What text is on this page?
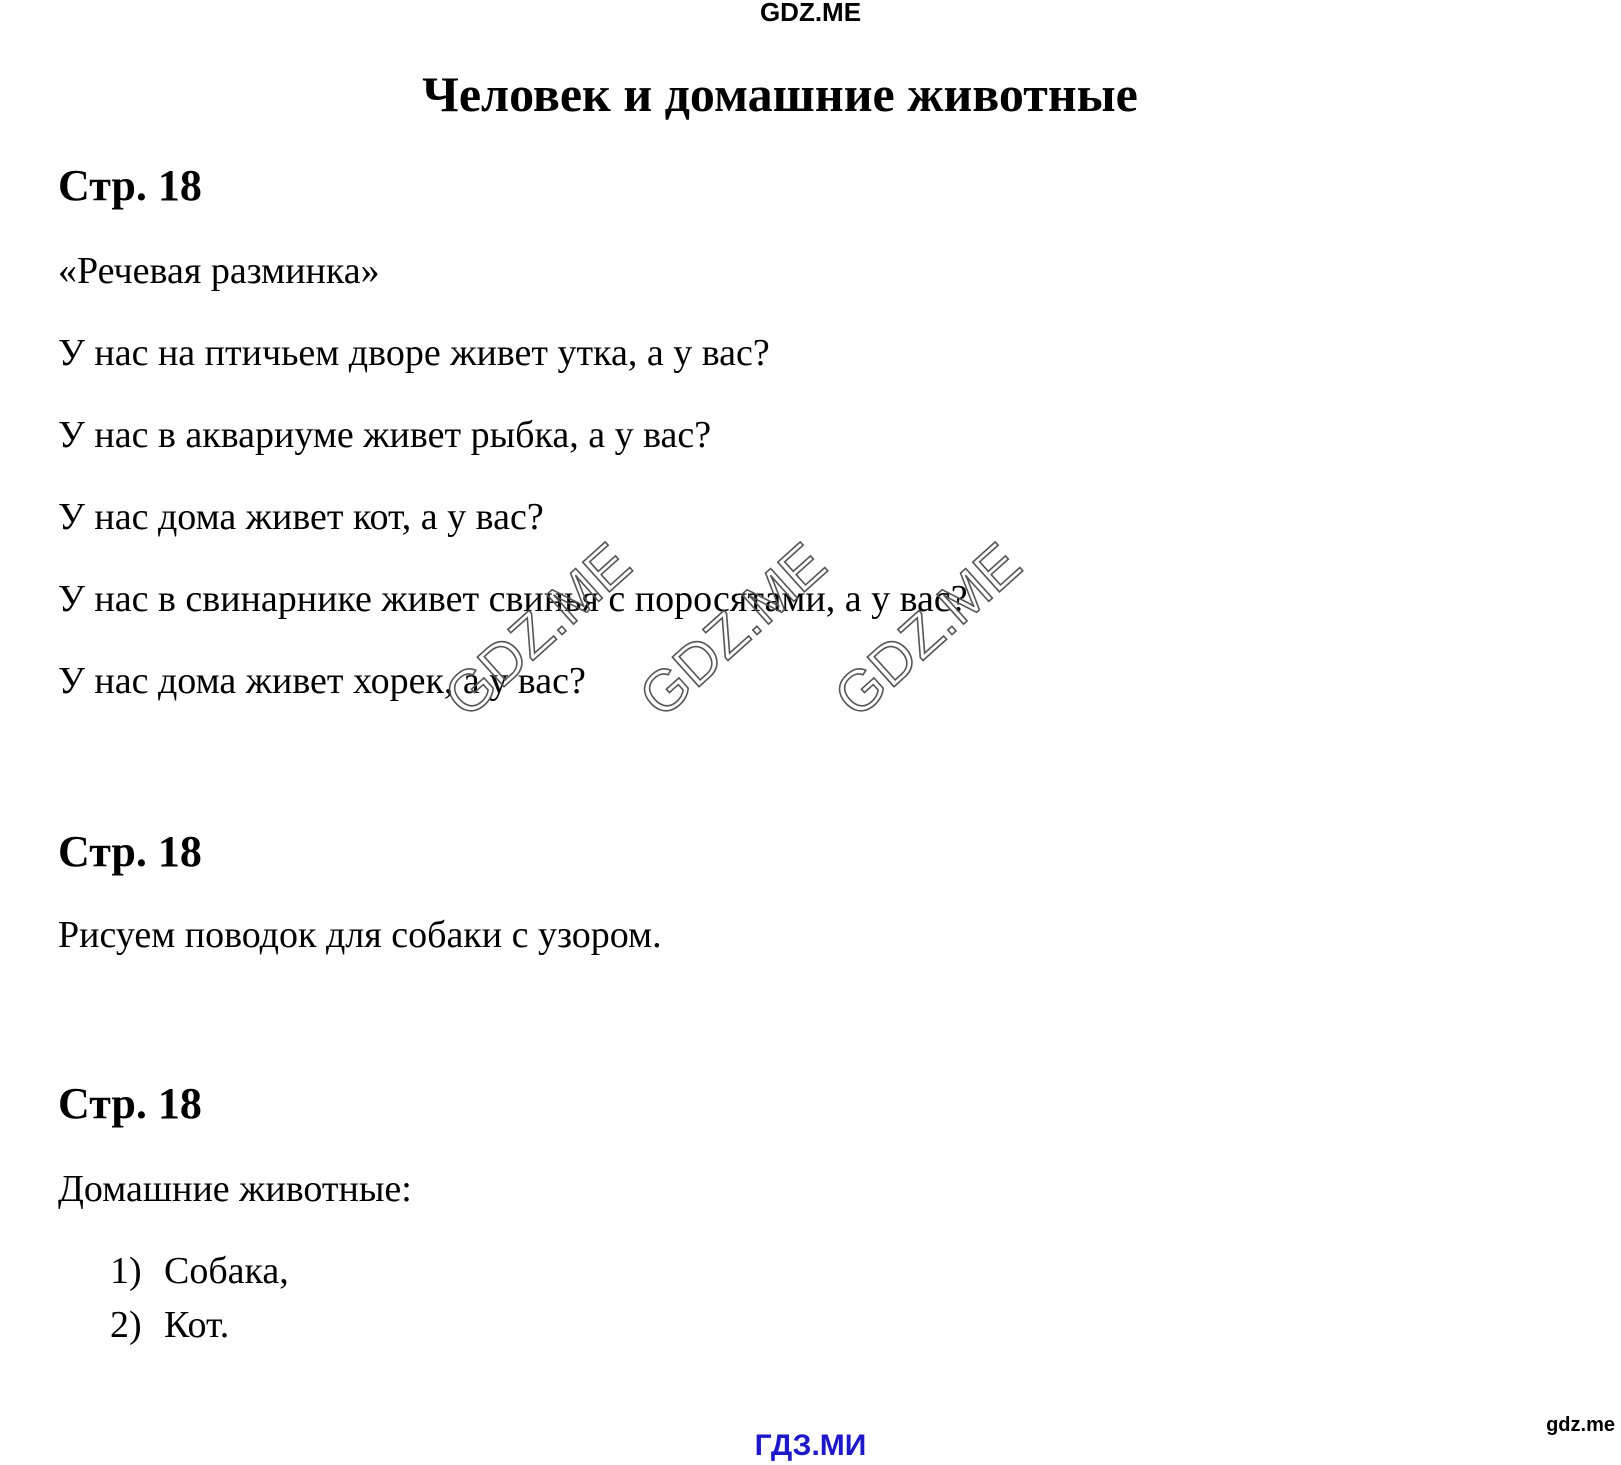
GDZ.ME
Человек и домашние животные
Стр. 18

«Речевая разминка»

У нас на птичьем дворе живет утка, а у вас?

У нас в аквариуме живет рыбка, а у вас?

У нас дома живет кот, а у вас?

У нас в свинарнике живет свинья с поросятами, а у вас?

У нас дома живет хорек, а у вас?

GDZ.ME
GDZ.ME
GDZ.ME
Стр. 18

Рисуем поводок для собаки с узором.

Стр. 18

Домашние животные:

1) Собака,
2) Кот.
gdz.me
ГДЗ.МИ
